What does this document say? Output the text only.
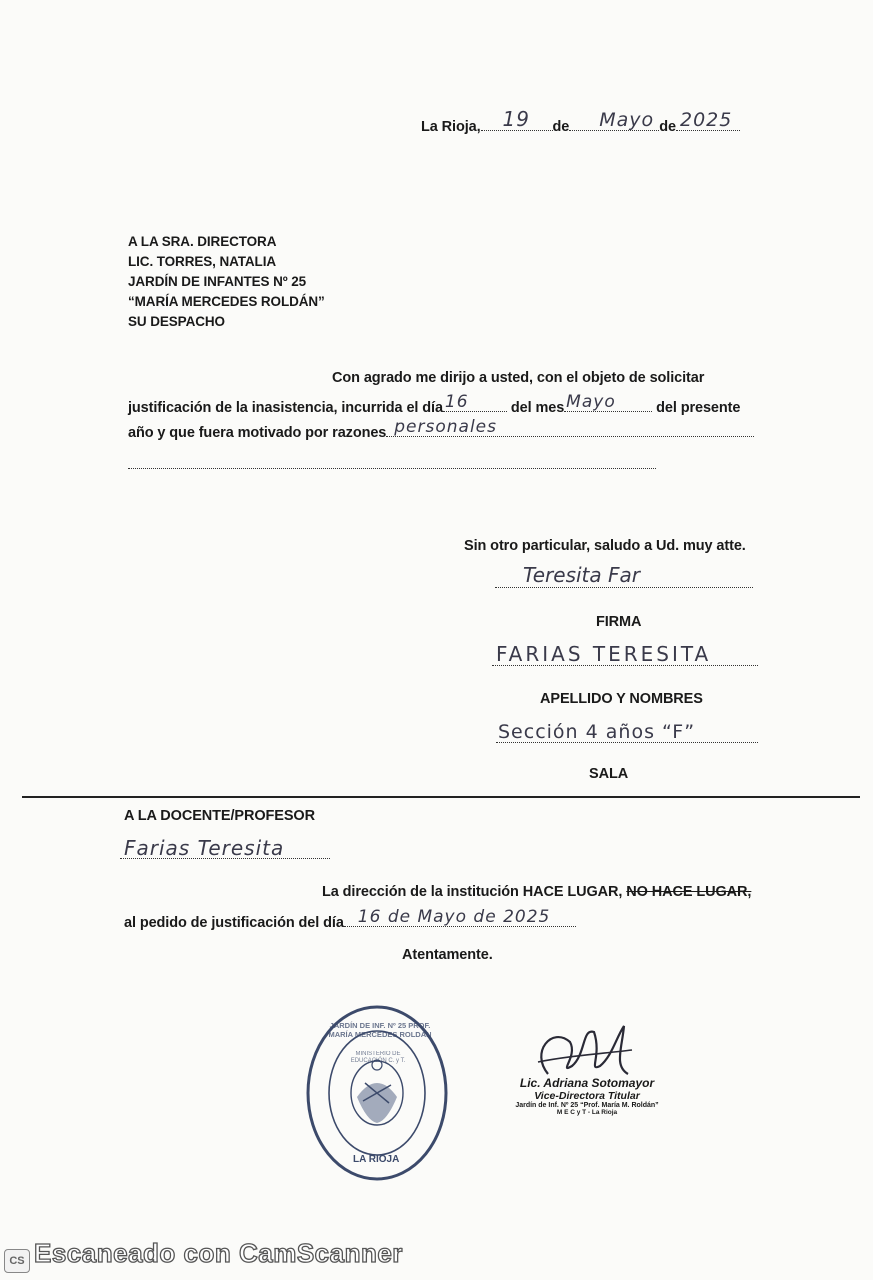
La Rioja, 19 de Mayo de 2025
A LA SRA. DIRECTORA
LIC. TORRES, NATALIA
JARDÍN DE INFANTES Nº 25
“MARÍA MERCEDES ROLDÁN”
SU DESPACHO
Con agrado me dirijo a usted, con el objeto de solicitar
justificación de la inasistencia, incurrida el día 16	del mes Mayo	del presente
año y que fuera motivado por razones personales
Sin otro particular, saludo a Ud. muy atte.
Teresita Far
FIRMA
FARIAS TERESITA
APELLIDO Y NOMBRES
Sección 4 años “F”
SALA
A LA DOCENTE/PROFESOR
Farias Teresita
La dirección de la institución HACE LUGAR, NO HACE LUGAR,
al pedido de justificación del día 16 de Mayo de 2025
Atentamente.
JARDÍN DE INF. Nº 25 PROF. MARÍA MERCEDES ROLDÁN
MINISTERIO DE EDUCACIÓN C. y T.
LA RIOJA
Lic. Adriana Sotomayor
Vice-Directora Titular
Jardín de Inf. Nº 25 “Prof. María M. Roldán”
M E C y T - La Rioja
CS Escaneado con CamScanner
